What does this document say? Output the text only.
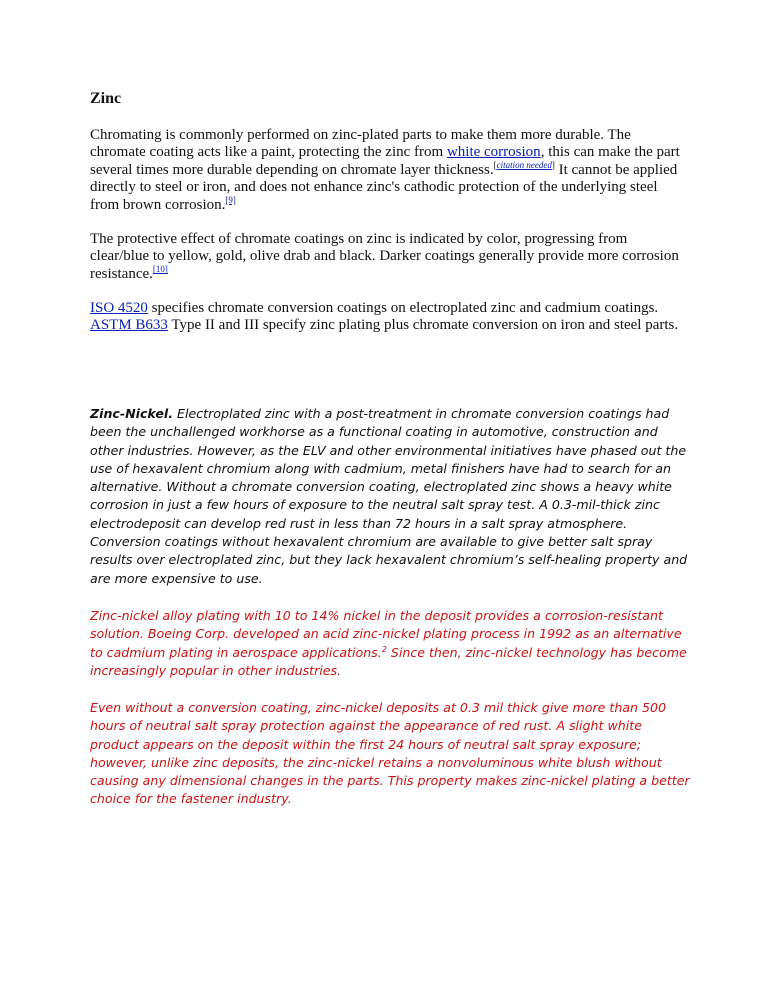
Zinc

Chromating is commonly performed on zinc-plated parts to make them more durable. The chromate coating acts like a paint, protecting the zinc from white corrosion, this can make the part several times more durable depending on chromate layer thickness.[citation needed] It cannot be applied directly to steel or iron, and does not enhance zinc's cathodic protection of the underlying steel from brown corrosion.[9]

The protective effect of chromate coatings on zinc is indicated by color, progressing from clear/blue to yellow, gold, olive drab and black. Darker coatings generally provide more corrosion resistance.[10]

ISO 4520 specifies chromate conversion coatings on electroplated zinc and cadmium coatings.
ASTM B633 Type II and III specify zinc plating plus chromate conversion on iron and steel parts.

Zinc-Nickel. Electroplated zinc with a post-treatment in chromate conversion coatings had been the unchallenged workhorse as a functional coating in automotive, construction and other industries. However, as the ELV and other environmental initiatives have phased out the use of hexavalent chromium along with cadmium, metal finishers have had to search for an alternative. Without a chromate conversion coating, electroplated zinc shows a heavy white corrosion in just a few hours of exposure to the neutral salt spray test. A 0.3-mil-thick zinc electrodeposit can develop red rust in less than 72 hours in a salt spray atmosphere. Conversion coatings without hexavalent chromium are available to give better salt spray results over electroplated zinc, but they lack hexavalent chromium’s self-healing property and are more expensive to use.

Zinc-nickel alloy plating with 10 to 14% nickel in the deposit provides a corrosion-resistant solution. Boeing Corp. developed an acid zinc-nickel plating process in 1992 as an alternative to cadmium plating in aerospace applications.$^2$ Since then, zinc-nickel technology has become increasingly popular in other industries.

Even without a conversion coating, zinc-nickel deposits at 0.3 mil thick give more than 500 hours of neutral salt spray protection against the appearance of red rust. A slight white product appears on the deposit within the first 24 hours of neutral salt spray exposure; however, unlike zinc deposits, the zinc-nickel retains a nonvoluminous white blush without causing any dimensional changes in the parts. This property makes zinc-nickel plating a better choice for the fastener industry.
